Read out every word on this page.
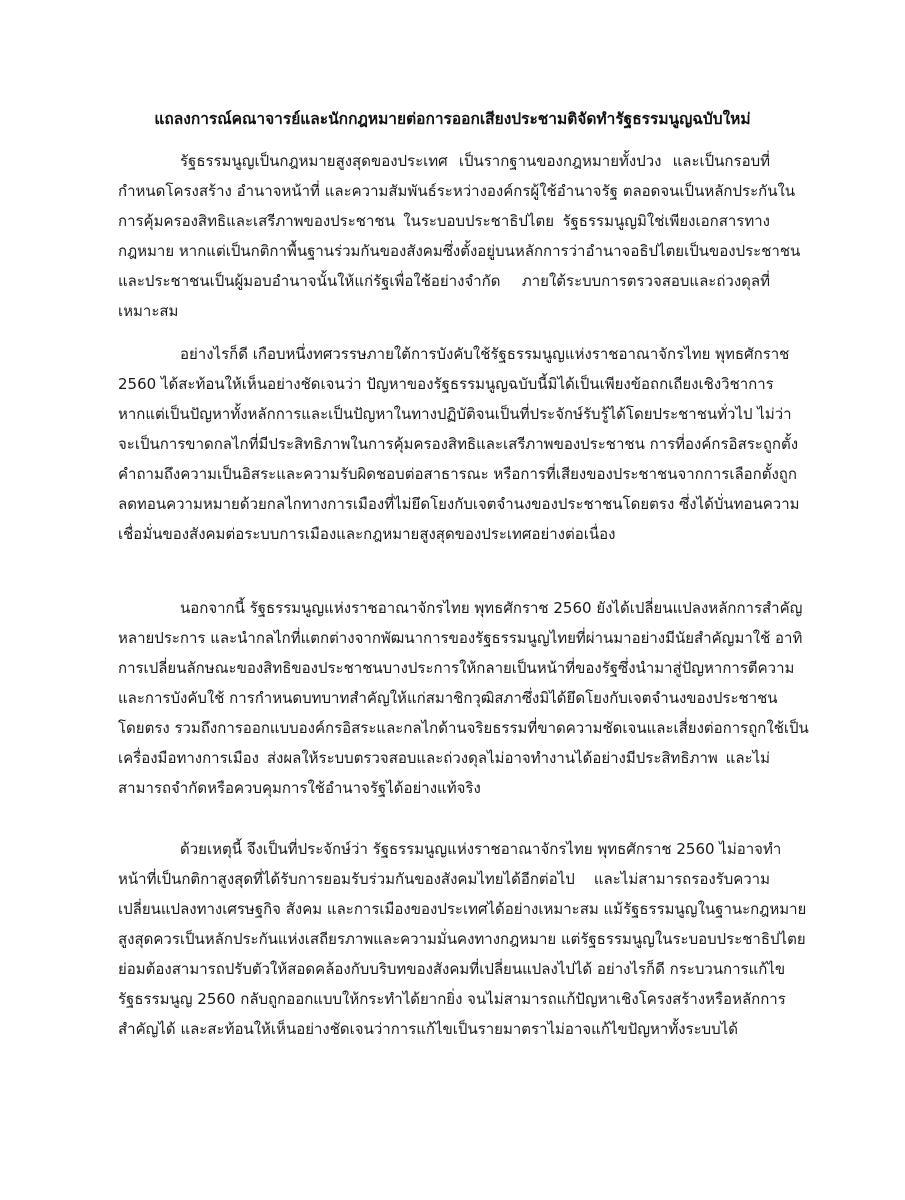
แถลงการณ์คณาจารย์และนักกฎหมายต่อการออกเสียงประชามติจัดทำรัฐธรรมนูญฉบับใหม่
รัฐธรรมนูญเป็นกฎหมายสูงสุดของประเทศ เป็นรากฐานของกฎหมายทั้งปวง และเป็นกรอบที่
กำหนดโครงสร้าง อำนาจหน้าที่ และความสัมพันธ์ระหว่างองค์กรผู้ใช้อำนาจรัฐ ตลอดจนเป็นหลักประกันใน
การคุ้มครองสิทธิและเสรีภาพของประชาชน ในระบอบประชาธิปไตย รัฐธรรมนูญมิใช่เพียงเอกสารทาง
กฎหมาย หากแต่เป็นกติกาพื้นฐานร่วมกันของสังคมซึ่งตั้งอยู่บนหลักการว่าอำนาจอธิปไตยเป็นของประชาชน
และประชาชนเป็นผู้มอบอำนาจนั้นให้แก่รัฐเพื่อใช้อย่างจำกัด ภายใต้ระบบการตรวจสอบและถ่วงดุลที่
เหมาะสม
อย่างไรก็ดี เกือบหนึ่งทศวรรษภายใต้การบังคับใช้รัฐธรรมนูญแห่งราชอาณาจักรไทย พุทธศักราช
2560 ได้สะท้อนให้เห็นอย่างชัดเจนว่า ปัญหาของรัฐธรรมนูญฉบับนี้มิได้เป็นเพียงข้อถกเถียงเชิงวิชาการ
หากแต่เป็นปัญหาทั้งหลักการและเป็นปัญหาในทางปฏิบัติจนเป็นที่ประจักษ์รับรู้ได้โดยประชาชนทั่วไป ไม่ว่า
จะเป็นการขาดกลไกที่มีประสิทธิภาพในการคุ้มครองสิทธิและเสรีภาพของประชาชน การที่องค์กรอิสระถูกตั้ง
คำถามถึงความเป็นอิสระและความรับผิดชอบต่อสาธารณะ หรือการที่เสียงของประชาชนจากการเลือกตั้งถูก
ลดทอนความหมายด้วยกลไกทางการเมืองที่ไม่ยึดโยงกับเจตจำนงของประชาชนโดยตรง ซึ่งได้บั่นทอนความ
เชื่อมั่นของสังคมต่อระบบการเมืองและกฎหมายสูงสุดของประเทศอย่างต่อเนื่อง
นอกจากนี้ รัฐธรรมนูญแห่งราชอาณาจักรไทย พุทธศักราช 2560 ยังได้เปลี่ยนแปลงหลักการสำคัญ
หลายประการ และนำกลไกที่แตกต่างจากพัฒนาการของรัฐธรรมนูญไทยที่ผ่านมาอย่างมีนัยสำคัญมาใช้ อาทิ
การเปลี่ยนลักษณะของสิทธิของประชาชนบางประการให้กลายเป็นหน้าที่ของรัฐซึ่งนำมาสู่ปัญหาการตีความ
และการบังคับใช้ การกำหนดบทบาทสำคัญให้แก่สมาชิกวุฒิสภาซึ่งมิได้ยึดโยงกับเจตจำนงของประชาชน
โดยตรง รวมถึงการออกแบบองค์กรอิสระและกลไกด้านจริยธรรมที่ขาดความชัดเจนและเสี่ยงต่อการถูกใช้เป็น
เครื่องมือทางการเมือง ส่งผลให้ระบบตรวจสอบและถ่วงดุลไม่อาจทำงานได้อย่างมีประสิทธิภาพ และไม่
สามารถจำกัดหรือควบคุมการใช้อำนาจรัฐได้อย่างแท้จริง
ด้วยเหตุนี้ จึงเป็นที่ประจักษ์ว่า รัฐธรรมนูญแห่งราชอาณาจักรไทย พุทธศักราช 2560 ไม่อาจทำ
หน้าที่เป็นกติกาสูงสุดที่ได้รับการยอมรับร่วมกันของสังคมไทยได้อีกต่อไป และไม่สามารถรองรับความ
เปลี่ยนแปลงทางเศรษฐกิจ สังคม และการเมืองของประเทศได้อย่างเหมาะสม แม้รัฐธรรมนูญในฐานะกฎหมาย
สูงสุดควรเป็นหลักประกันแห่งเสถียรภาพและความมั่นคงทางกฎหมาย แต่รัฐธรรมนูญในระบอบประชาธิปไตย
ย่อมต้องสามารถปรับตัวให้สอดคล้องกับบริบทของสังคมที่เปลี่ยนแปลงไปได้ อย่างไรก็ดี กระบวนการแก้ไข
รัฐธรรมนูญ 2560 กลับถูกออกแบบให้กระทำได้ยากยิ่ง จนไม่สามารถแก้ปัญหาเชิงโครงสร้างหรือหลักการ
สำคัญได้ และสะท้อนให้เห็นอย่างชัดเจนว่าการแก้ไขเป็นรายมาตราไม่อาจแก้ไขปัญหาทั้งระบบได้
